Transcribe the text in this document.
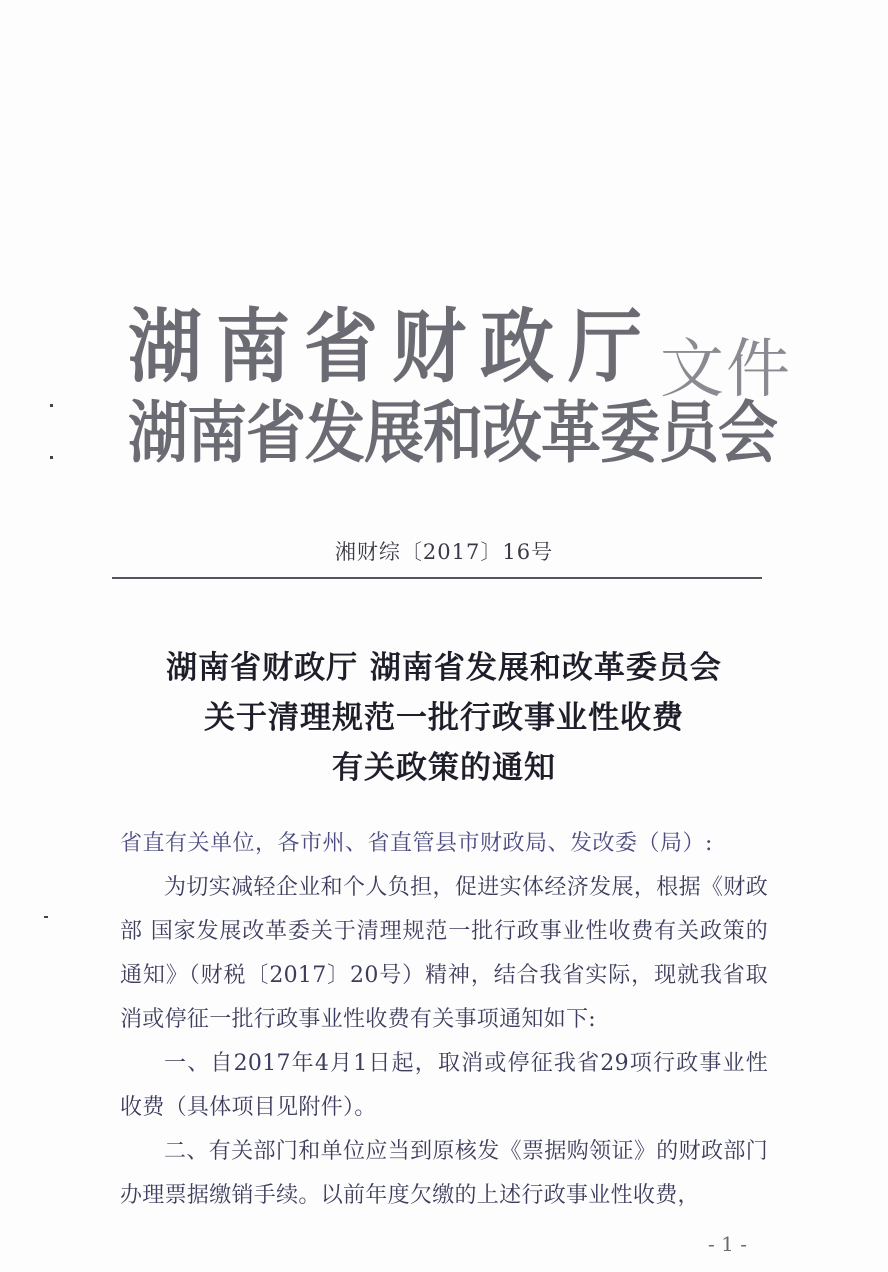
湖南省财政厅
湖南省发展和改革委员会
文件
湘财综〔2017〕16号
湖南省财政厅 湖南省发展和改革委员会
关于清理规范一批行政事业性收费
有关政策的通知
省直有关单位，各市州、省直管县市财政局、发改委（局）:

为切实减轻企业和个人负担，促进实体经济发展，根据《财政部 国家发展改革委关于清理规范一批行政事业性收费有关政策的通知》（财税〔2017〕20号）精神，结合我省实际，现就我省取消或停征一批行政事业性收费有关事项通知如下:

一、自2017年4月1日起，取消或停征我省29项行政事业性收费（具体项目见附件）。

二、有关部门和单位应当到原核发《票据购领证》的财政部门办理票据缴销手续。以前年度欠缴的上述行政事业性收费，

- 1 -
